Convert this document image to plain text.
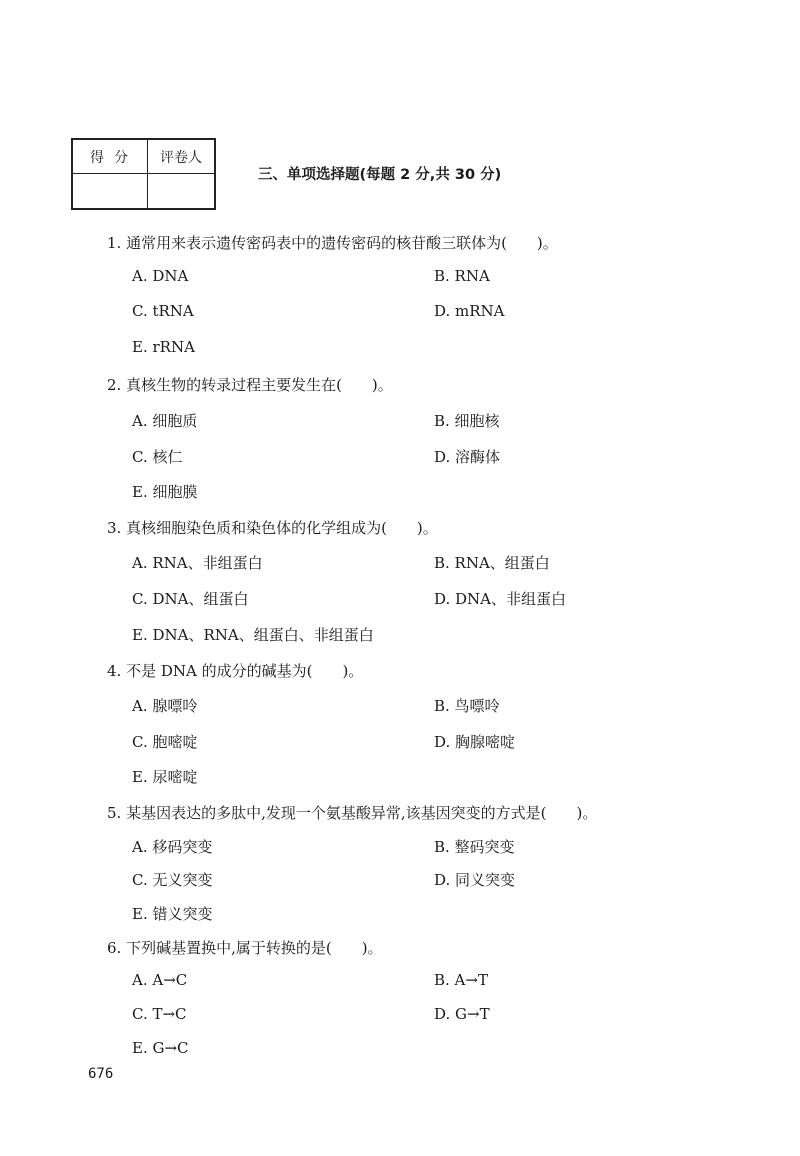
得分	评卷人

三、单项选择题(每题 2 分,共 30 分)
1. 通常用来表示遗传密码表中的遗传密码的核苷酸三联体为(　　)。
A. DNA	B. RNA
C. tRNA	D. mRNA
E. rRNA
2. 真核生物的转录过程主要发生在(　　)。
A. 细胞质	B. 细胞核
C. 核仁	D. 溶酶体
E. 细胞膜
3. 真核细胞染色质和染色体的化学组成为(　　)。
A. RNA、非组蛋白	B. RNA、组蛋白
C. DNA、组蛋白	D. DNA、非组蛋白
E. DNA、RNA、组蛋白、非组蛋白
4. 不是 DNA 的成分的碱基为(　　)。
A. 腺嘌呤	B. 鸟嘌呤
C. 胞嘧啶	D. 胸腺嘧啶
E. 尿嘧啶
5. 某基因表达的多肽中,发现一个氨基酸异常,该基因突变的方式是(　　)。
A. 移码突变	B. 整码突变
C. 无义突变	D. 同义突变
E. 错义突变
6. 下列碱基置换中,属于转换的是(　　)。
A. A→C	B. A→T
C. T→C	D. G→T
E. G→C
676
